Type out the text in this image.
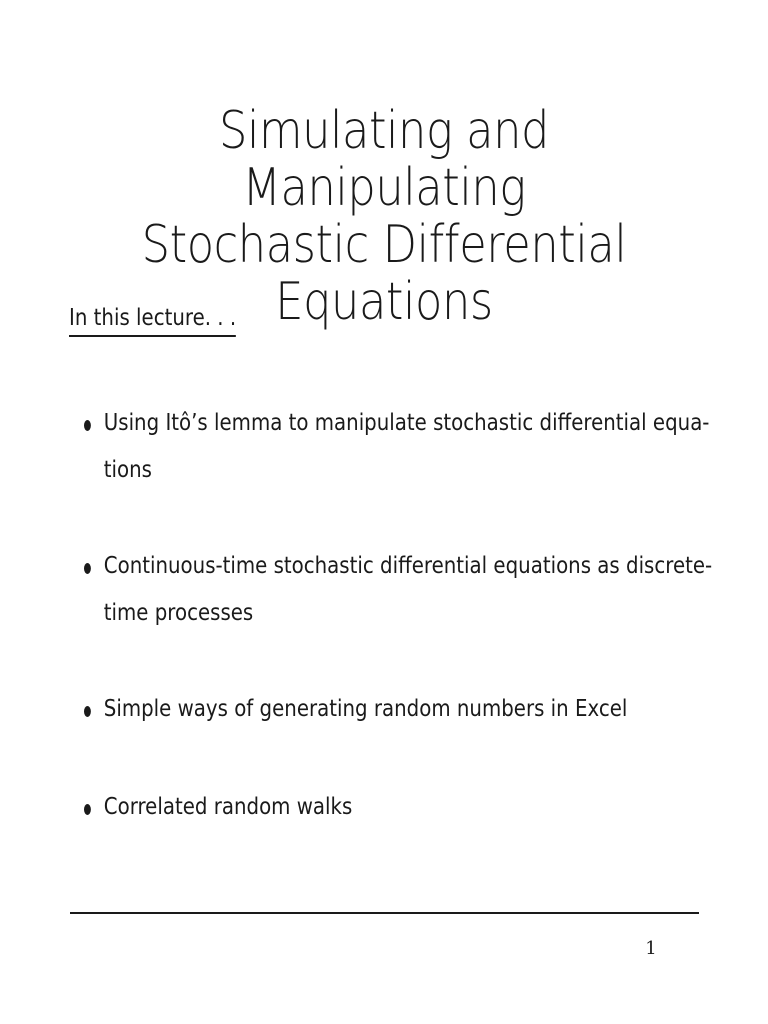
Simulating and Manipulating
Stochastic Differential
Equations
In this lecture. . .
Using Itô’s lemma to manipulate stochastic differential equa-tions
Continuous-time stochastic differential equations as discrete-time processes
Simple ways of generating random numbers in Excel
Correlated random walks
1
